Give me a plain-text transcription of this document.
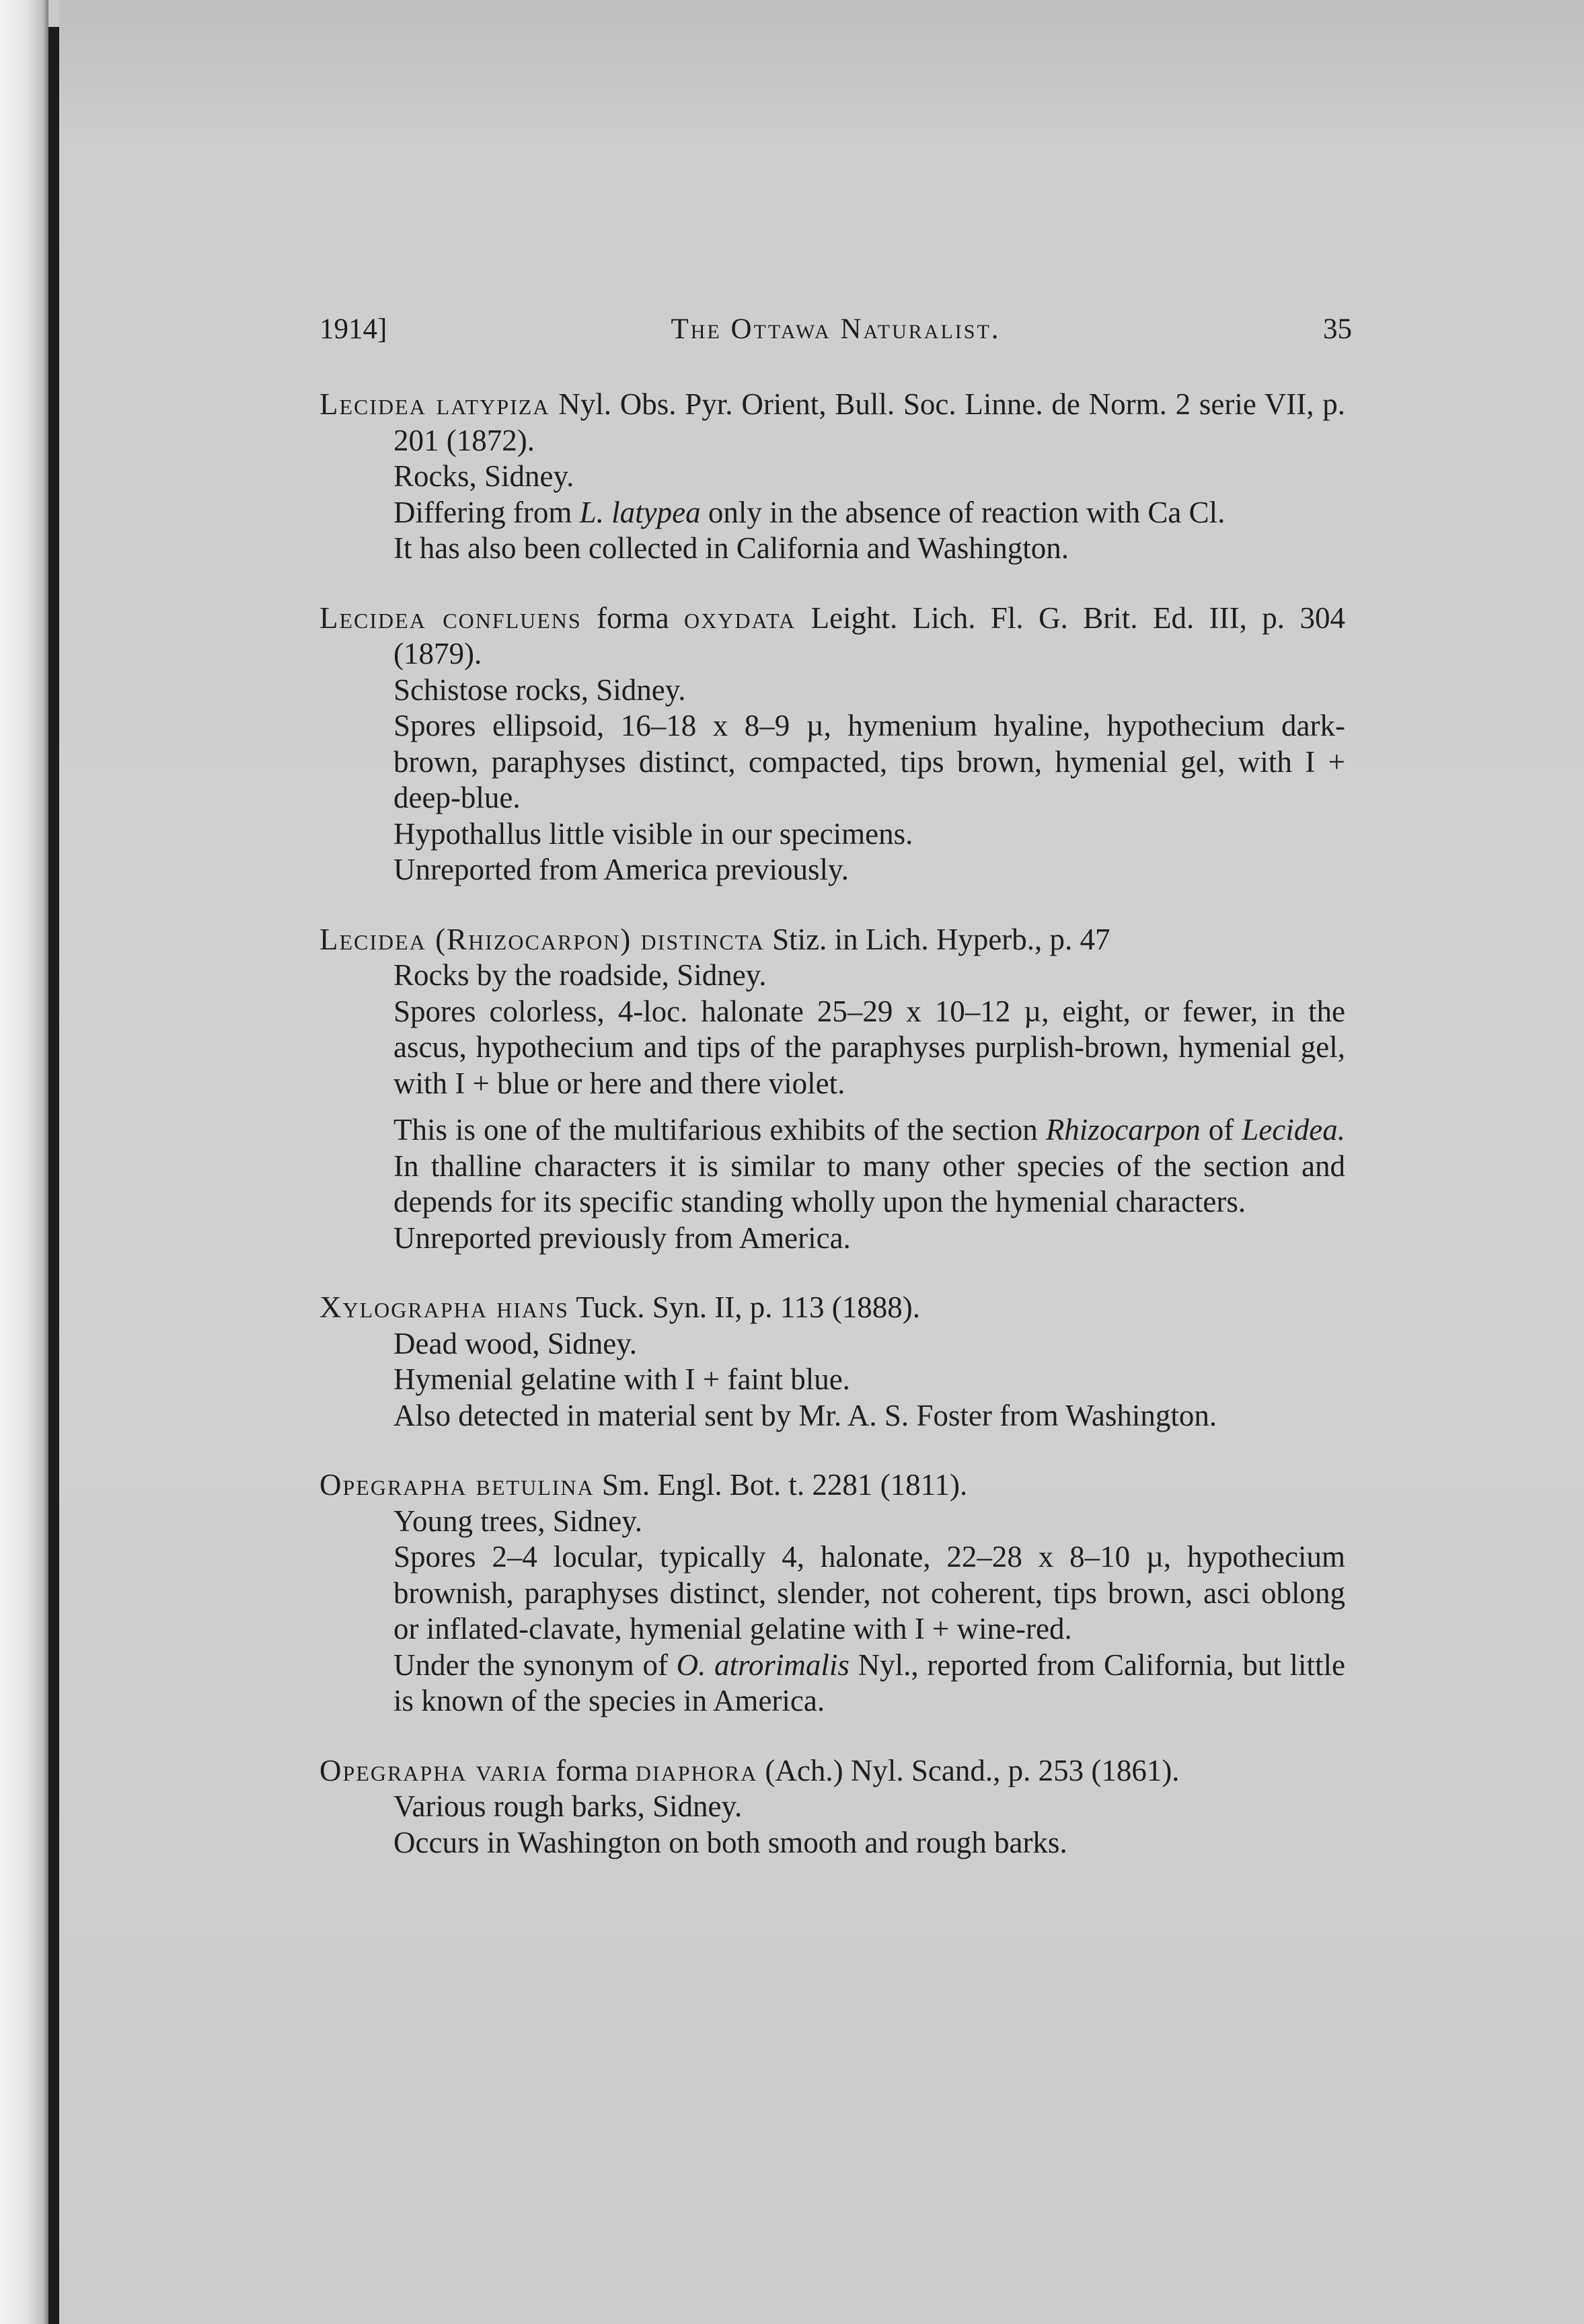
1914]	The Ottawa Naturalist.	35
Lecidea latypiza Nyl. Obs. Pyr. Orient, Bull. Soc. Linne. de Norm. 2 serie VII, p. 201 (1872).
Rocks, Sidney.
Differing from L. latypea only in the absence of reaction with Ca Cl.
It has also been collected in California and Washington.
Lecidea confluens forma oxydata Leight. Lich. Fl. G. Brit. Ed. III, p. 304 (1879).
Schistose rocks, Sidney.
Spores ellipsoid, 16–18 x 8–9 µ, hymenium hyaline, hypothecium dark-brown, paraphyses distinct, compacted, tips brown, hymenial gel, with I + deep-blue.
Hypothallus little visible in our specimens.
Unreported from America previously.
Lecidea (Rhizocarpon) distincta Stiz. in Lich. Hyperb., p. 47
Rocks by the roadside, Sidney.
Spores colorless, 4-loc. halonate 25–29 x 10–12 µ, eight, or fewer, in the ascus, hypothecium and tips of the paraphyses purplish-brown, hymenial gel, with I + blue or here and there violet.
This is one of the multifarious exhibits of the section Rhizocarpon of Lecidea. In thalline characters it is similar to many other species of the section and depends for its specific standing wholly upon the hymenial characters.
Unreported previously from America.
Xylographa hians Tuck. Syn. II, p. 113 (1888).
Dead wood, Sidney.
Hymenial gelatine with I + faint blue.
Also detected in material sent by Mr. A. S. Foster from Washington.
Opegrapha betulina Sm. Engl. Bot. t. 2281 (1811).
Young trees, Sidney.
Spores 2–4 locular, typically 4, halonate, 22–28 x 8–10 µ, hypothecium brownish, paraphyses distinct, slender, not coherent, tips brown, asci oblong or inflated-clavate, hymenial gelatine with I + wine-red.
Under the synonym of O. atrorimalis Nyl., reported from California, but little is known of the species in America.
Opegrapha varia forma diaphora (Ach.) Nyl. Scand., p. 253 (1861).
Various rough barks, Sidney.
Occurs in Washington on both smooth and rough barks.
